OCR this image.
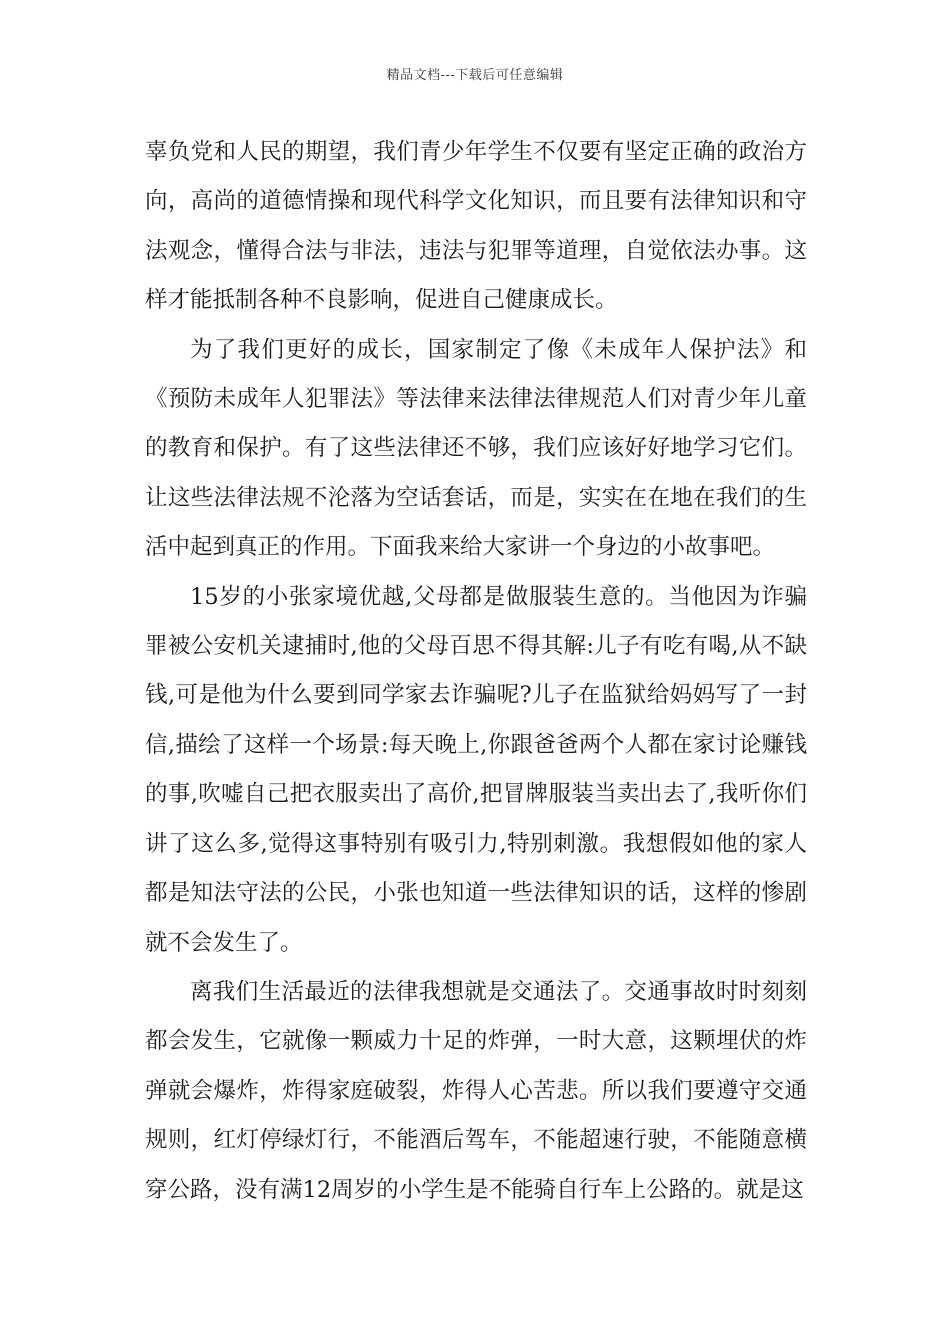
精品文档---下载后可任意编辑

辜负党和人民的期望，我们青少年学生不仅要有坚定正确的政治方向，高尚的道德情操和现代科学文化知识，而且要有法律知识和守法观念，懂得合法与非法，违法与犯罪等道理，自觉依法办事。这样才能抵制各种不良影响，促进自己健康成长。

为了我们更好的成长，国家制定了像《未成年人保护法》和《预防未成年人犯罪法》等法律来法律法律规范人们对青少年儿童的教育和保护。有了这些法律还不够，我们应该好好地学习它们。让这些法律法规不沦落为空话套话，而是，实实在在地在我们的生活中起到真正的作用。下面我来给大家讲一个身边的小故事吧。

15岁的小张家境优越,父母都是做服装生意的。当他因为诈骗罪被公安机关逮捕时,他的父母百思不得其解:儿子有吃有喝,从不缺钱,可是他为什么要到同学家去诈骗呢?儿子在监狱给妈妈写了一封信,描绘了这样一个场景:每天晚上,你跟爸爸两个人都在家讨论赚钱的事,吹嘘自己把衣服卖出了高价,把冒牌服装当卖出去了,我听你们讲了这么多,觉得这事特别有吸引力,特别刺激。我想假如他的家人都是知法守法的公民，小张也知道一些法律知识的话，这样的惨剧就不会发生了。

离我们生活最近的法律我想就是交通法了。交通事故时时刻刻都会发生，它就像一颗威力十足的炸弹，一时大意，这颗埋伏的炸弹就会爆炸，炸得家庭破裂，炸得人心苦悲。所以我们要遵守交通规则，红灯停绿灯行，不能酒后驾车，不能超速行驶，不能随意横穿公路，没有满12周岁的小学生是不能骑自行车上公路的。就是这
